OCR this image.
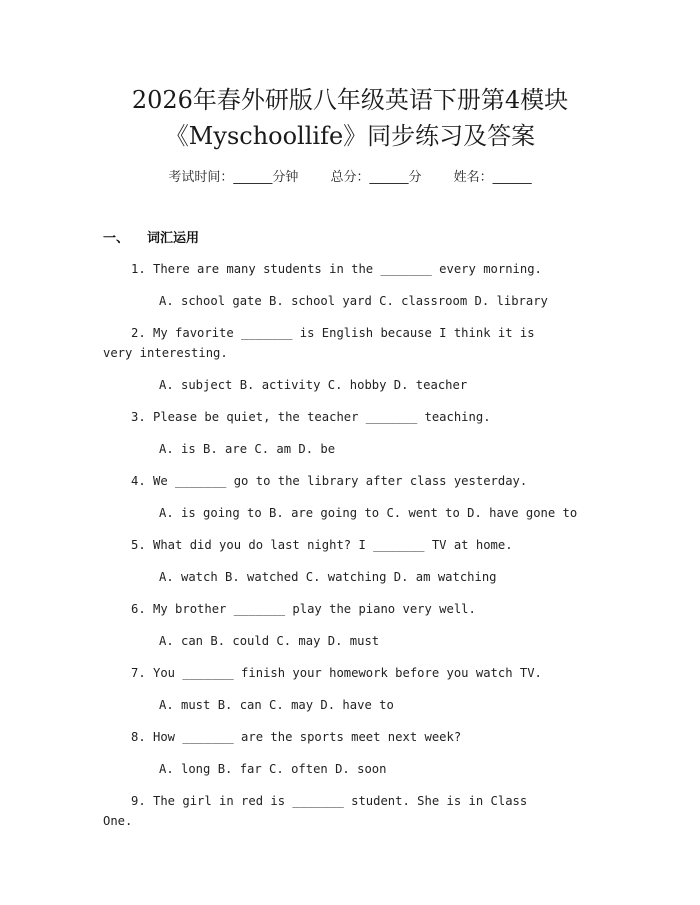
2026年春外研版八年级英语下册第4模块
《Myschoollife》同步练习及答案
考试时间：______分钟 总分：______分 姓名：______
一、 词汇运用
1. There are many students in the _______ every morning.
A. school gate B. school yard C. classroom D. library
2. My favorite _______ is English because I think it is very interesting.
A. subject B. activity C. hobby D. teacher
3. Please be quiet, the teacher _______ teaching.
A. is B. are C. am D. be
4. We _______ go to the library after class yesterday.
A. is going to B. are going to C. went to D. have gone to
5. What did you do last night? I _______ TV at home.
A. watch B. watched C. watching D. am watching
6. My brother _______ play the piano very well.
A. can B. could C. may D. must
7. You _______ finish your homework before you watch TV.
A. must B. can C. may D. have to
8. How _______ are the sports meet next week?
A. long B. far C. often D. soon
9. The girl in red is _______ student. She is in Class One.
